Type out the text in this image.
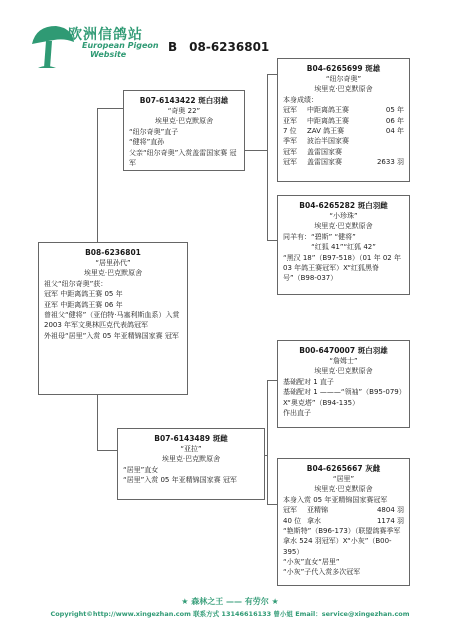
欧洲信鸽站
European Pigeon
Website
B 08-6236801
B08-6236801
“居里孙代”
埃里克·巴克默原舍
祖父“纽尔奇奥”获：
冠军 中距离鸽王赛 05 年
亚军 中距离鸽王赛 06 年
曾祖父“健将”（亚伯特·马塞利斯血系）入赏 2003 年军文奥林匹克代表鸽冠军
外祖母“居里”入赏 05 年亚精锦国家赛 冠军
B07-6143422 斑白羽雄
“奇奥 22”
埃里克·巴克默原舍
“纽尔奇奥”直子
“健将”直孙
父亲“纽尔奇奥”入赏盖雷国家赛 冠军
B07-6143489 斑雌
“亚拉”
埃里克·巴克默原舍
“居里”直女
“居里”入赏 05 年亚精锦国家赛 冠军
B04-6265699 斑雄
“纽尔奇奥”
埃里克·巴克默原舍
本身成绩：
冠军	中距离鸽王赛	05 年
亚军	中距离鸽王赛	06 年
7 位	ZAV 鸽王赛	04 年
季军	波治半国家赛
冠军	盖雷国家赛
冠军	盖雷国家赛	2633 羽
B04-6265282 斑白羽雌
“小珍珠”
埃里克·巴克默原舍
同羊有：“碧斯” “健将”
“红狐 41”“红狐 42”
“黑汉 18”（B97-518）（01 年 02 年 03 年鸽王赛冠军）X“红狐黑脊号”（B98-037）
B00-6470007 斑白羽雄
“詹姆士”
埃里克·巴克默原舍
基础配对 1 直子
基础配对 1 ———“领袖”（B95-079）X“奥克塔”（B94-135）
作出直子
B04-6265667 灰雌
“居里”
埃里克·巴克默原舍
本身入赏 05 年亚精锦国家赛冠军
冠军	亚精锦	4804 羽
40 位 拿水	1174 羽
“艳斯特”（B96-173）（联盟鸽赛季军 拿水 524 羽冠军）X“小灰”（B00-395）
“小灰”直女“居里”
“小灰”子代入赏多次冠军
★ 森林之王 —— 有劳尔 ★
Copyright©http://www.xingezhan.com 联系方式 13146616133 曾小姐 Email：service@xingezhan.com
